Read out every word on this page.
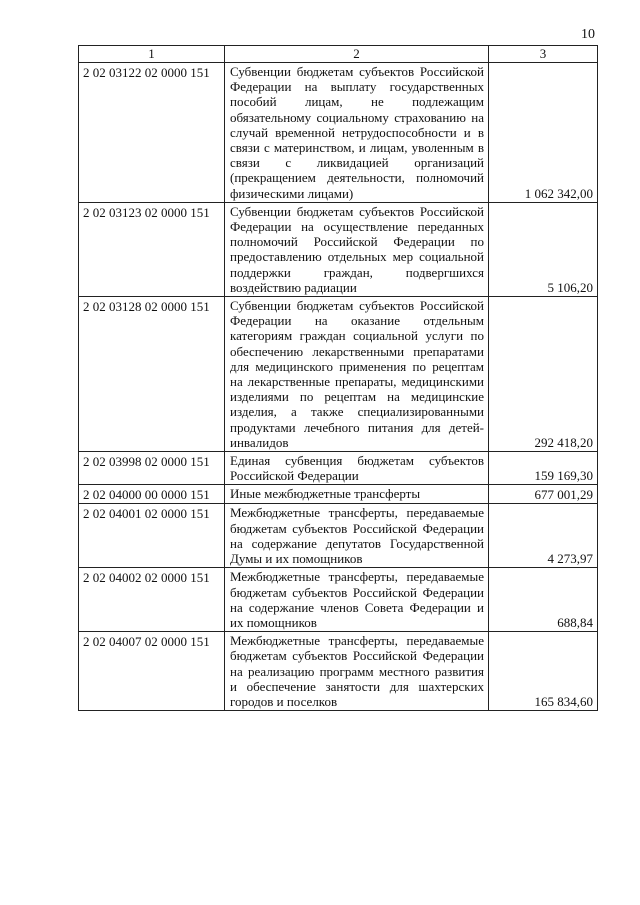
10
1	2	3
2 02 03122 02 0000 151	Субвенции бюджетам субъектов Российской Федерации на выплату государственных пособий лицам, не подлежащим обязательному социальному страхованию на случай временной нетрудоспособности и в связи с материнством, и лицам, уволенным в связи с ликвидацией организаций (прекращением деятельности, полномочий физическими лицами)	1 062 342,00
2 02 03123 02 0000 151	Субвенции бюджетам субъектов Российской Федерации на осуществление переданных полномочий Российской Федерации по предоставлению отдельных мер социальной поддержки граждан, подвергшихся воздействию радиации	5 106,20
2 02 03128 02 0000 151	Субвенции бюджетам субъектов Российской Федерации на оказание отдельным категориям граждан социальной услуги по обеспечению лекарственными препаратами для медицинского применения по рецептам на лекарственные препараты, медицинскими изделиями по рецептам на медицинские изделия, а также специализированными продуктами лечебного питания для детей-инвалидов	292 418,20
2 02 03998 02 0000 151	Единая субвенция бюджетам субъектов Российской Федерации	159 169,30
2 02 04000 00 0000 151	Иные межбюджетные трансферты	677 001,29
2 02 04001 02 0000 151	Межбюджетные трансферты, передаваемые бюджетам субъектов Российской Федерации на содержание депутатов Государственной Думы и их помощников	4 273,97
2 02 04002 02 0000 151	Межбюджетные трансферты, передаваемые бюджетам субъектов Российской Федерации на содержание членов Совета Федерации и их помощников	688,84
2 02 04007 02 0000 151	Межбюджетные трансферты, передаваемые бюджетам субъектов Российской Федерации на реализацию программ местного развития и обеспечение занятости для шахтерских городов и поселков	165 834,60
